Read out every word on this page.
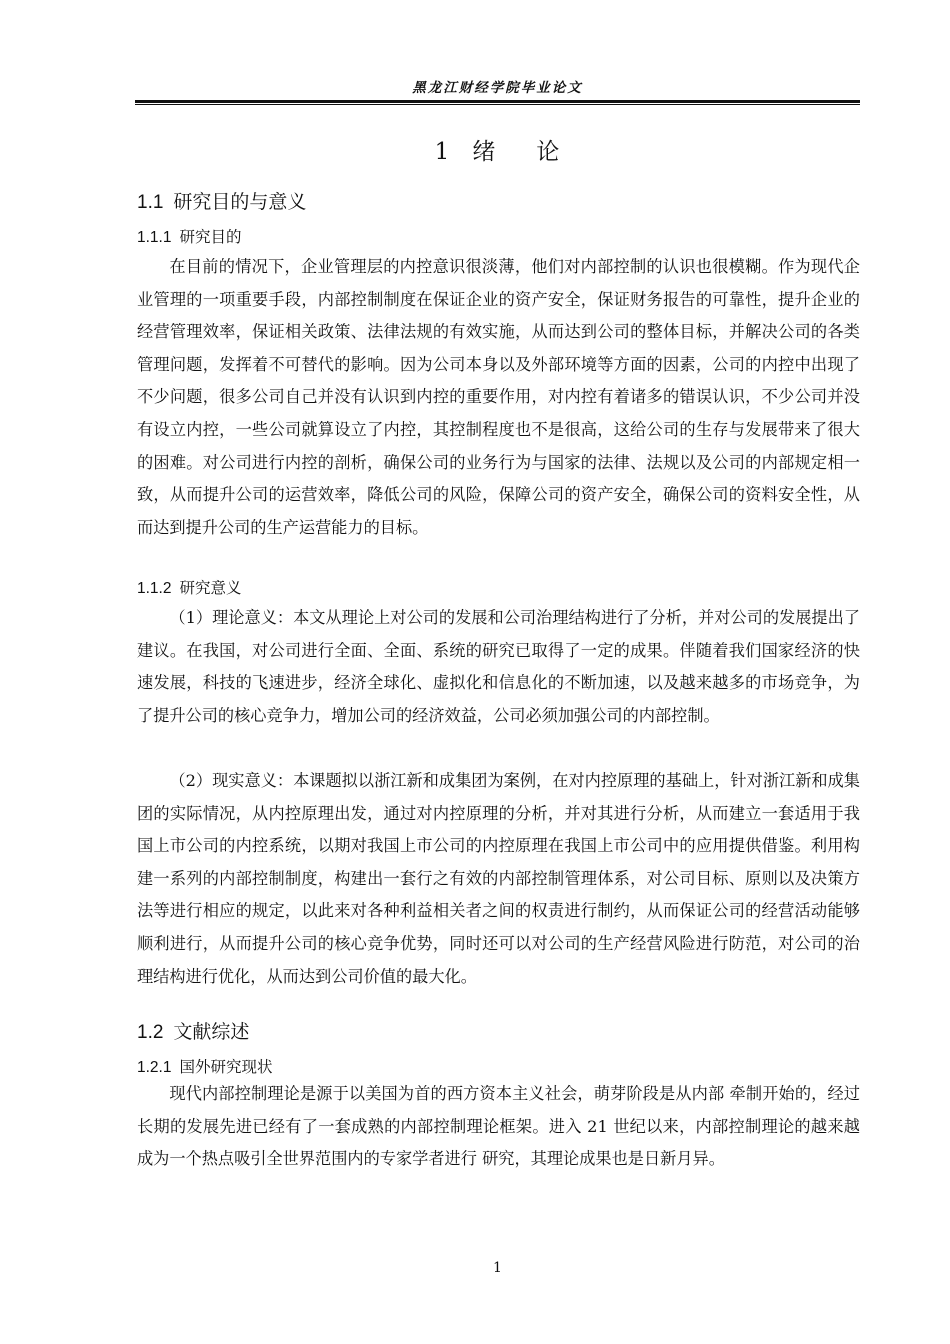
黑龙江财经学院毕业论文
1 绪 论
1.1 研究目的与意义
1.1.1 研究目的

在目前的情况下，企业管理层的内控意识很淡薄，他们对内部控制的认识也很模糊。作为现代企业管理的一项重要手段，内部控制制度在保证企业的资产安全，保证财务报告的可靠性，提升企业的经营管理效率，保证相关政策、法律法规的有效实施，从而达到公司的整体目标，并解决公司的各类管理问题，发挥着不可替代的影响。因为公司本身以及外部环境等方面的因素，公司的内控中出现了不少问题，很多公司自己并没有认识到内控的重要作用，对内控有着诸多的错误认识，不少公司并没有设立内控，一些公司就算设立了内控，其控制程度也不是很高，这给公司的生存与发展带来了很大的困难。对公司进行内控的剖析，确保公司的业务行为与国家的法律、法规以及公司的内部规定相一致，从而提升公司的运营效率，降低公司的风险，保障公司的资产安全，确保公司的资料安全性，从而达到提升公司的生产运营能力的目标。

1.1.2 研究意义

（1）理论意义：本文从理论上对公司的发展和公司治理结构进行了分析，并对公司的发展提出了建议。在我国，对公司进行全面、全面、系统的研究已取得了一定的成果。伴随着我们国家经济的快速发展，科技的飞速进步，经济全球化、虚拟化和信息化的不断加速，以及越来越多的市场竞争，为了提升公司的核心竞争力，增加公司的经济效益，公司必须加强公司的内部控制。

（2）现实意义：本课题拟以浙江新和成集团为案例，在对内控原理的基础上，针对浙江新和成集团的实际情况，从内控原理出发，通过对内控原理的分析，并对其进行分析，从而建立一套适用于我国上市公司的内控系统，以期对我国上市公司的内控原理在我国上市公司中的应用提供借鉴。利用构建一系列的内部控制制度，构建出一套行之有效的内部控制管理体系，对公司目标、原则以及决策方法等进行相应的规定，以此来对各种利益相关者之间的权责进行制约，从而保证公司的经营活动能够顺利进行，从而提升公司的核心竞争优势，同时还可以对公司的生产经营风险进行防范，对公司的治理结构进行优化，从而达到公司价值的最大化。

1.2 文献综述
1.2.1 国外研究现状

现代内部控制理论是源于以美国为首的西方资本主义社会，萌芽阶段是从内部 牵制开始的，经过长期的发展先进已经有了一套成熟的内部控制理论框架。进入 21 世纪以来，内部控制理论的越来越成为一个热点吸引全世界范围内的专家学者进行 研究，其理论成果也是日新月异。

1
